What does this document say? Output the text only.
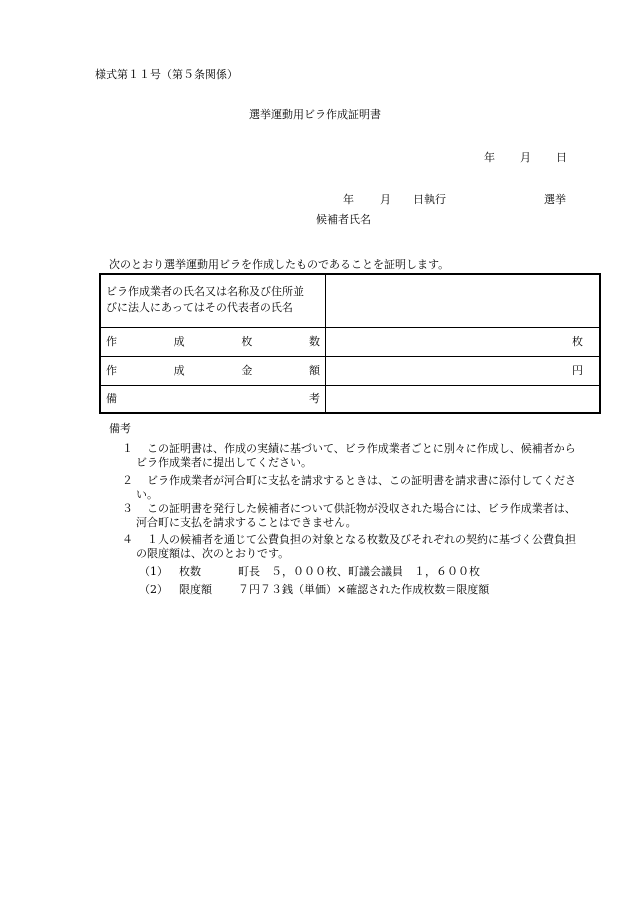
様式第１１号（第５条関係）
選挙運動用ビラ作成証明書
年 月 日
年 月 日執行	選挙
候補者氏名
次のとおり選挙運動用ビラを作成したものであることを証明します。
ビラ作成業者の氏名又は名称及び住所並
びに法人にあってはその代表者の氏名
作	成	枚	数	枚
作	成	金	額	円
備	考
備考
１ 　この証明書は、作成の実績に基づいて、ビラ作成業者ごとに別々に作成し、候補者からビラ作成業者に提出してください。
２ 　ビラ作成業者が河合町に支払を請求するときは、この証明書を請求書に添付してください。
３ 　この証明書を発行した候補者について供託物が没収された場合には、ビラ作成業者は、河合町に支払を請求することはできません。
４ 　１人の候補者を通じて公費負担の対象となる枚数及びそれぞれの契約に基づく公費負担の限度額は、次のとおりです。
（1） 枚数	町長　５，０００枚、町議会議員　１，６００枚
（2） 限度額 ７円７３銭（単価）×確認された作成枚数＝限度額
